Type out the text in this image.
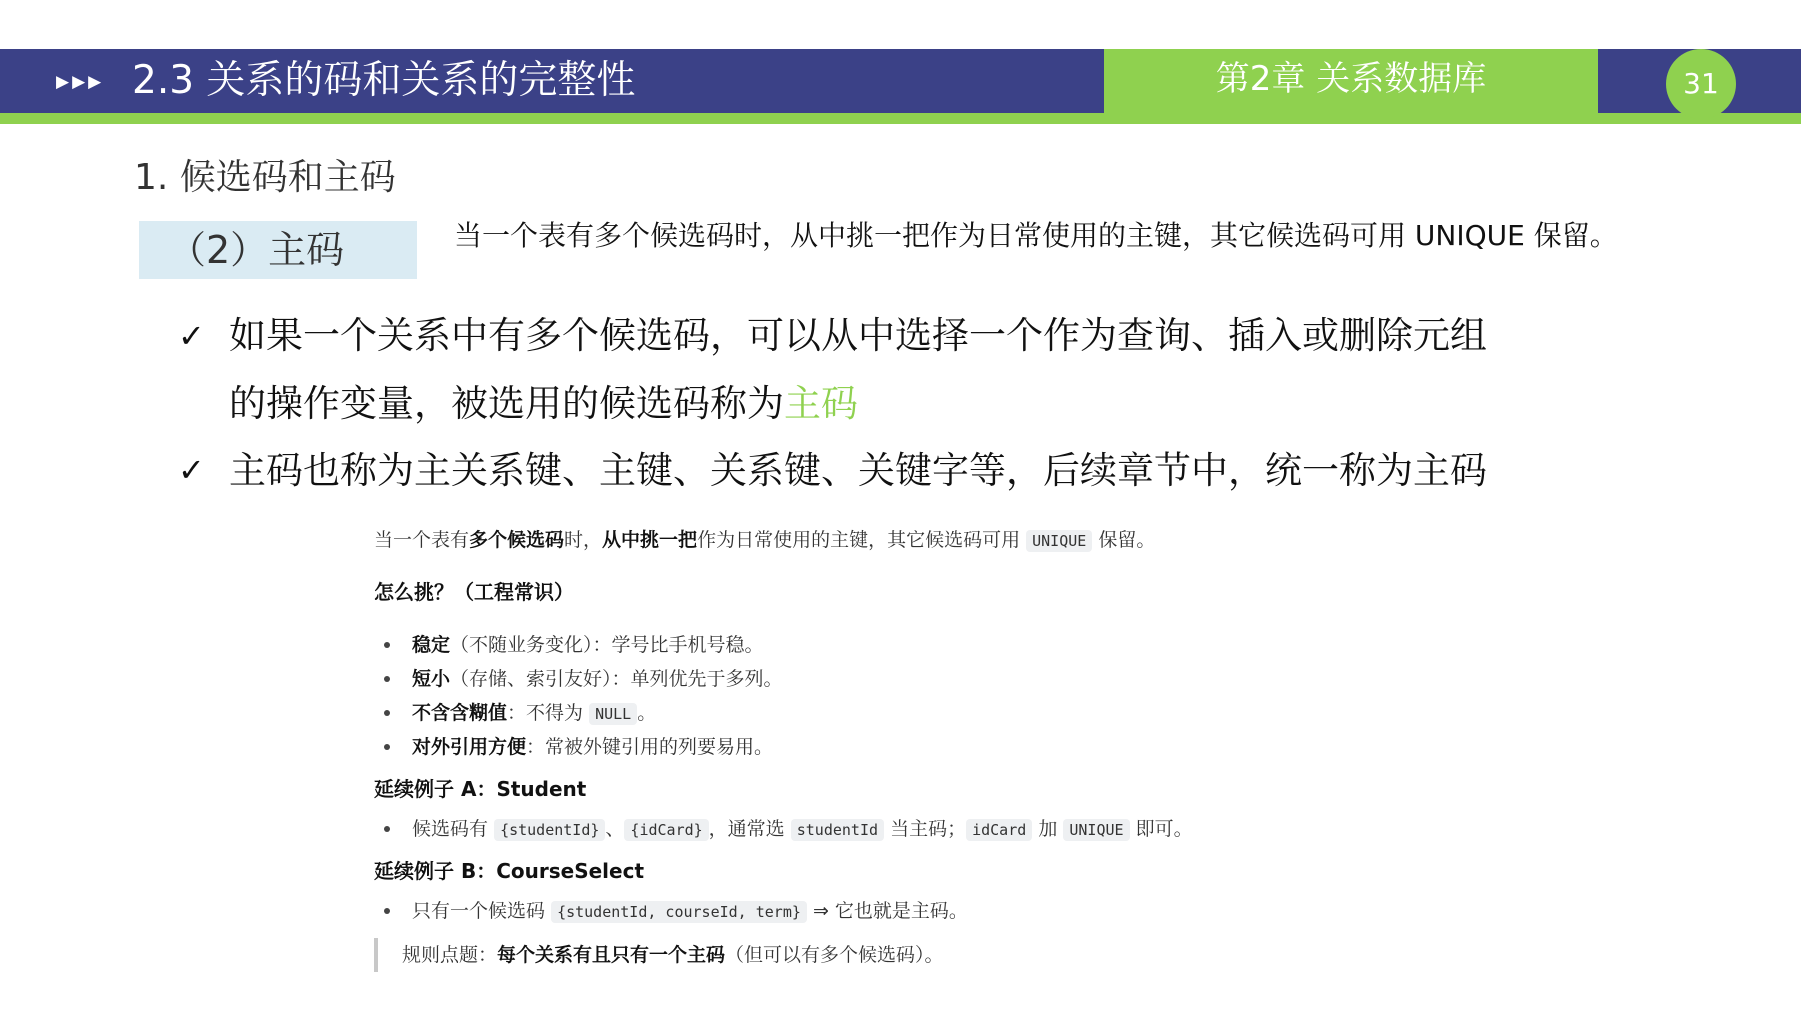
▶▶▶ 2.3 关系的码和关系的完整性	第2章 关系数据库	31
1. 候选码和主码
（2）主码	当一个表有多个候选码时，从中挑一把作为日常使用的主键，其它候选码可用 UNIQUE 保留。
✓ 如果一个关系中有多个候选码，可以从中选择一个作为查询、插入或删除元组
的操作变量，被选用的候选码称为主码
✓ 主码也称为主关系键、主键、关系键、关键字等，后续章节中，统一称为主码
当一个表有多个候选码时，从中挑一把作为日常使用的主键，其它候选码可用 UNIQUE 保留。
怎么挑？（工程常识）
稳定（不随业务变化）：学号比手机号稳。
短小（存储、索引友好）：单列优先于多列。
不含含糊值：不得为 NULL 。
对外引用方便：常被外键引用的列要易用。
延续例子 A：Student
候选码有 {studentId} 、 {idCard} ，通常选 studentId 当主码； idCard 加 UNIQUE 即可。
延续例子 B：CourseSelect
只有一个候选码 {studentId, courseId, term} ⇒ 它也就是主码。
规则点题：每个关系有且只有一个主码（但可以有多个候选码）。
